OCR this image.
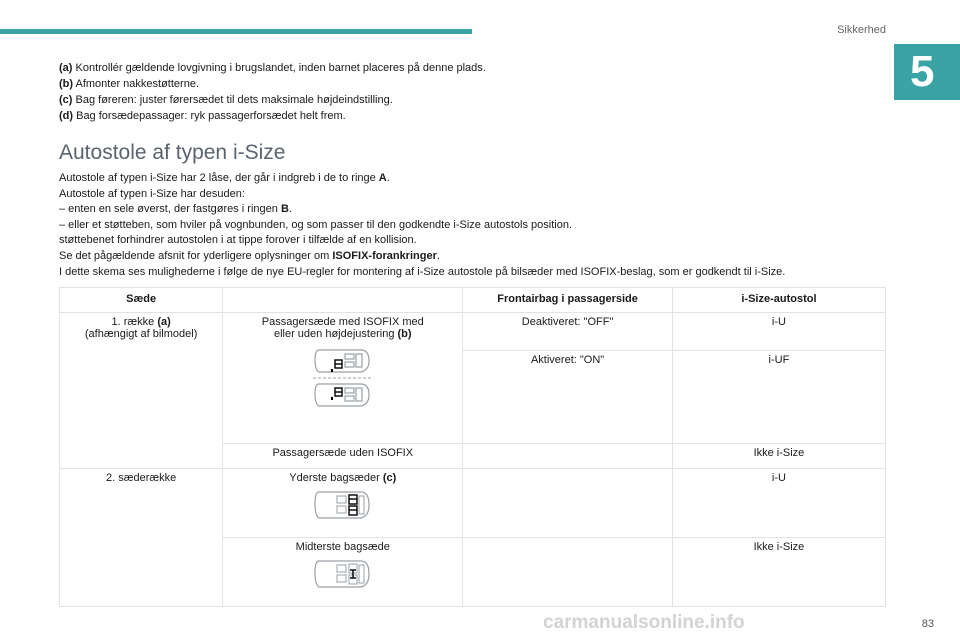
Sikkerhed
5
(a) Kontrollér gældende lovgivning i brugslandet, inden barnet placeres på denne plads.
(b) Afmonter nakkestøtterne.
(c) Bag føreren: juster førersædet til dets maksimale højdeindstilling.
(d) Bag forsædepassager: ryk passagerforsædet helt frem.
Autostole af typen i-Size
Autostole af typen i-Size har 2 låse, der går i indgreb i de to ringe A.
Autostole af typen i-Size har desuden:
– enten en sele øverst, der fastgøres i ringen B.
– eller et støtteben, som hviler på vognbunden, og som passer til den godkendte i-Size autostols position.
støttebenet forhindrer autostolen i at tippe forover i tilfælde af en kollision.
Se det pågældende afsnit for yderligere oplysninger om ISOFIX-forankringer.
I dette skema ses mulighederne i følge de nye EU-regler for montering af i-Size autostole på bilsæder med ISOFIX-beslag, som er godkendt til i-Size.
Sæde		Frontairbag i passagerside	i-Size-autostol
1. række (a)
(afhængigt af bilmodel)	Passagersæde med ISOFIX med eller uden højdejustering (b)	Deaktiveret: "OFF"	i-U
		Aktiveret: "ON"	i-UF
	Passagersæde uden ISOFIX		Ikke i-Size
2. sæderække	Yderste bagsæder (c)		i-U
	Midterste bagsæde		Ikke i-Size
carmanualsonline.info	83
